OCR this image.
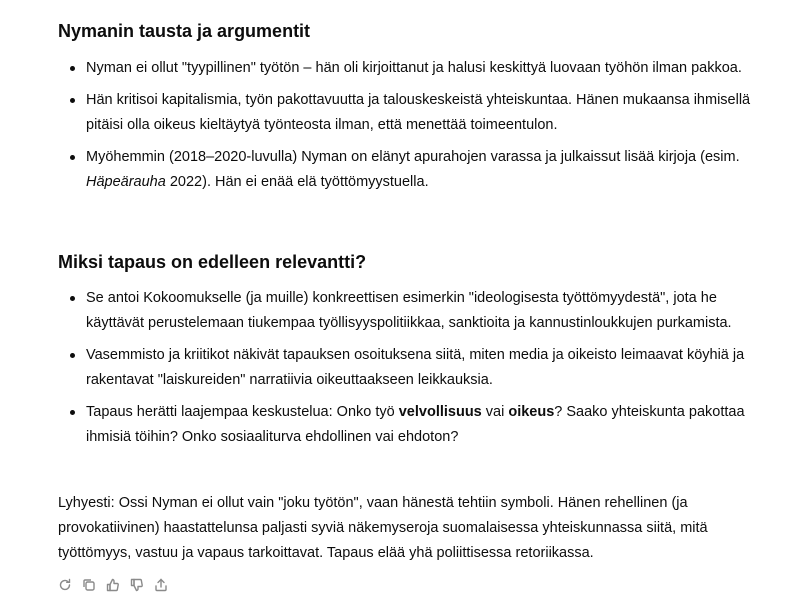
Nymanin tausta ja argumentit
Nyman ei ollut "tyypillinen" työtön – hän oli kirjoittanut ja halusi keskittyä luovaan työhön ilman pakkoa.
Hän kritisoi kapitalismia, työn pakottavuutta ja talouskeskeistä yhteiskuntaa. Hänen mukaansa ihmisellä pitäisi olla oikeus kieltäytyä työnteosta ilman, että menettää toimeentulon.
Myöhemmin (2018–2020-luvulla) Nyman on elänyt apurahojen varassa ja julkaissut lisää kirjoja (esim. Häpeärauha 2022). Hän ei enää elä työttömyystuella.
Miksi tapaus on edelleen relevantti?
Se antoi Kokoomukselle (ja muille) konkreettisen esimerkin "ideologisesta työttömyydestä", jota he käyttävät perustelemaan tiukempaa työllisyyspolitiikkaa, sanktioita ja kannustinloukkujen purkamista.
Vasemmisto ja kriitikot näkivät tapauksen osoituksena siitä, miten media ja oikeisto leimaavat köyhiä ja rakentavat "laiskureiden" narratiivia oikeuttaakseen leikkauksia.
Tapaus herätti laajempaa keskustelua: Onko työ velvollisuus vai oikeus? Saako yhteiskunta pakottaa ihmisiä töihin? Onko sosiaaliturva ehdollinen vai ehdoton?

Lyhyesti: Ossi Nyman ei ollut vain "joku työtön", vaan hänestä tehtiin symboli. Hänen rehellinen (ja provokatiivinen) haastattelunsa paljasti syviä näkemyseroja suomalaisessa yhteiskunnassa siitä, mitä työttömyys, vastuu ja vapaus tarkoittavat. Tapaus elää yhä poliittisessa retoriikassa.
